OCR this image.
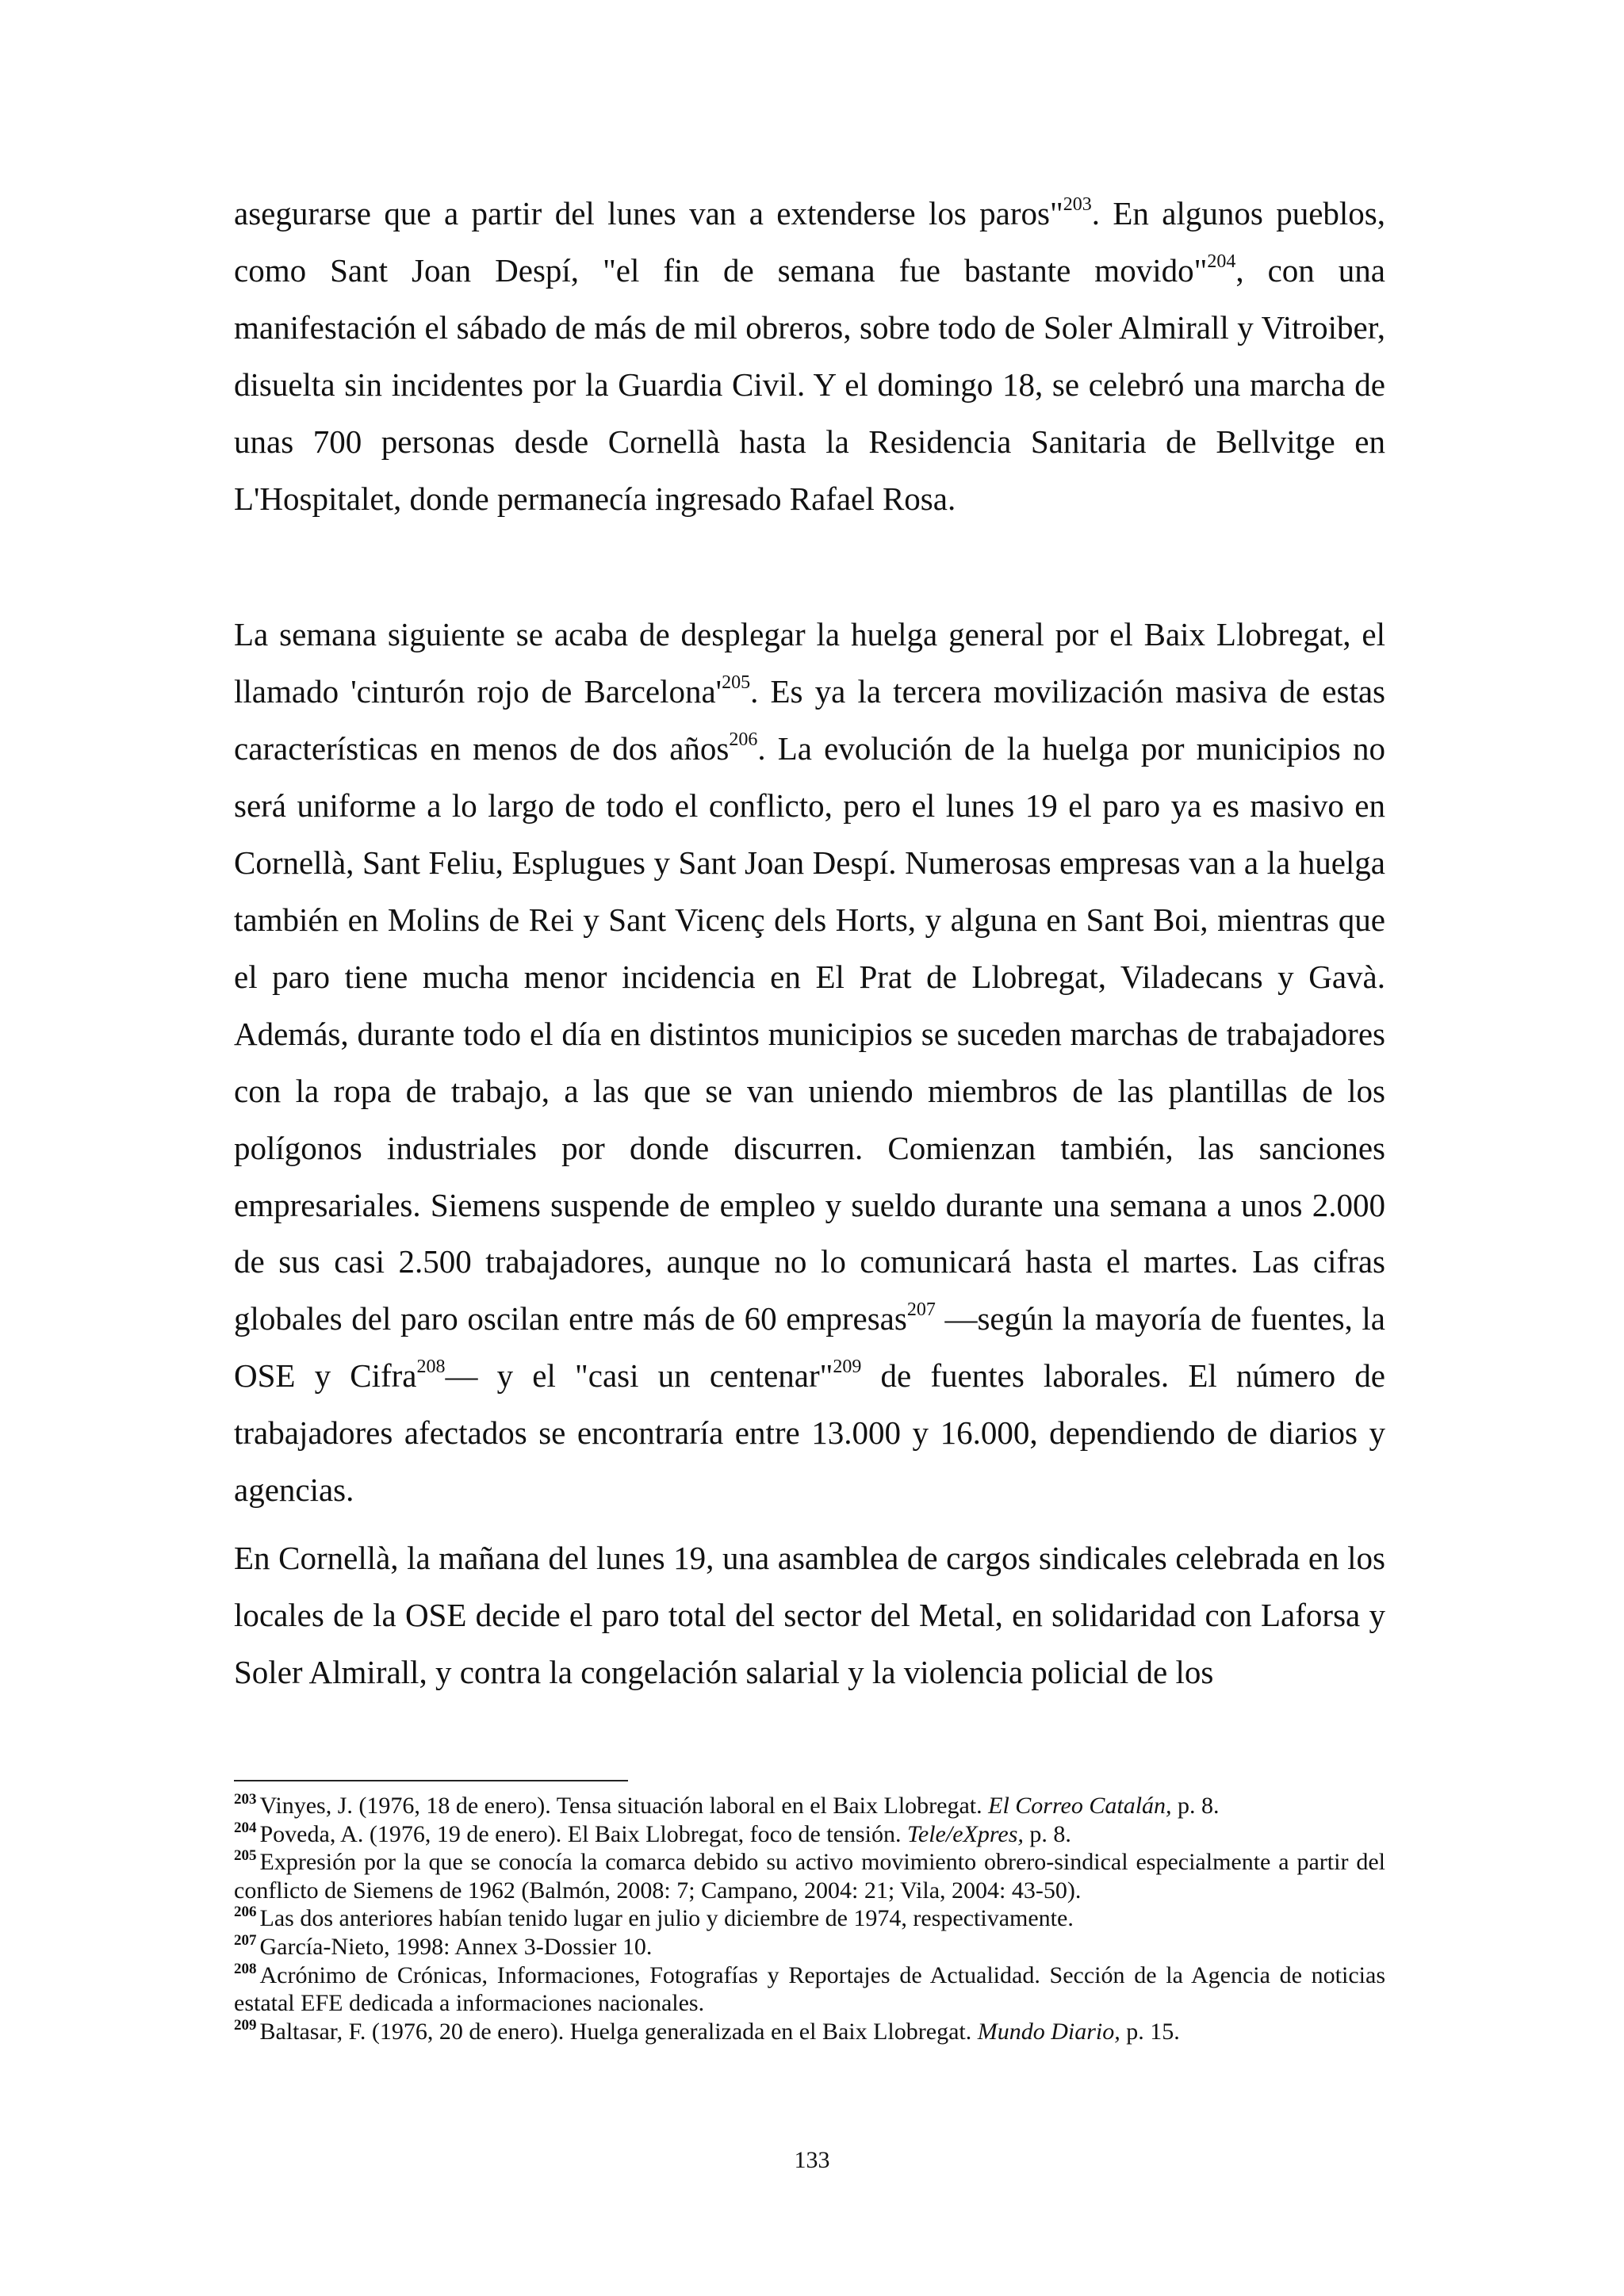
asegurarse que a partir del lunes van a extenderse los paros"$^{203}$. En algunos pueblos, como Sant Joan Despí, "el fin de semana fue bastante movido"$^{204}$, con una manifestación el sábado de más de mil obreros, sobre todo de Soler Almirall y Vitroiber, disuelta sin incidentes por la Guardia Civil. Y el domingo 18, se celebró una marcha de unas 700 personas desde Cornellà hasta la Residencia Sanitaria de Bellvitge en L'Hospitalet, donde permanecía ingresado Rafael Rosa.

La semana siguiente se acaba de desplegar la huelga general por el Baix Llobregat, el llamado 'cinturón rojo de $Barcelona'^{205}$. Es ya la tercera movilización masiva de estas características en menos de dos años$^{206}$. La evolución de la huelga por municipios no será uniforme a lo largo de todo el conflicto, pero el lunes 19 el paro ya es masivo en Cornellà, Sant Feliu, Esplugues y Sant Joan Despí. Numerosas empresas van a la huelga también en Molins de Rei y Sant Vicenç dels Horts, y alguna en Sant Boi, mientras que el paro tiene mucha menor incidencia en El Prat de Llobregat, Viladecans y Gavà. Además, durante todo el día en distintos municipios se suceden marchas de trabajadores con la ropa de trabajo, a las que se van uniendo miembros de las plantillas de los polígonos industriales por donde discurren. Comienzan también, las sanciones empresariales. Siemens suspende de empleo y sueldo durante una semana a unos 2.000 de sus casi 2.500 trabajadores, aunque no lo comunicará hasta el martes. Las cifras globales del paro oscilan entre más de 60 empresas$^{207}$ —según la mayoría de fuentes, la OSE y Cifra$^{208}$— y el "casi un centenar"$^{209}$ de fuentes laborales. El número de trabajadores afectados se encontraría entre 13.000 y 16.000, dependiendo de diarios y agencias.

En Cornellà, la mañana del lunes 19, una asamblea de cargos sindicales celebrada en los locales de la OSE decide el paro total del sector del Metal, en solidaridad con Laforsa y Soler Almirall, y contra la congelación salarial y la violencia policial de los

$^{203}$ Vinyes, J. (1976, 18 de enero). Tensa situación laboral en el Baix Llobregat. El Correo Catalán, p. 8.

$^{204}$ Poveda, A. (1976, 19 de enero). El Baix Llobregat, foco de tensión. Tele/eXpres, p. 8.

$^{205}$ Expresión por la que se conocía la comarca debido su activo movimiento obrero-sindical especialmente a partir del conflicto de Siemens de 1962 (Balmón, 2008: 7; Campano, 2004: 21; Vila, 2004: 43-50).

$^{206}$ Las dos anteriores habían tenido lugar en julio y diciembre de 1974, respectivamente.

$^{207}$ García-Nieto, 1998: Annex 3-Dossier 10.

$^{208}$ Acrónimo de Crónicas, Informaciones, Fotografías y Reportajes de Actualidad. Sección de la Agencia de noticias estatal EFE dedicada a informaciones nacionales.

$^{209}$ Baltasar, F. (1976, 20 de enero). Huelga generalizada en el Baix Llobregat. Mundo Diario, p. 15.

133
